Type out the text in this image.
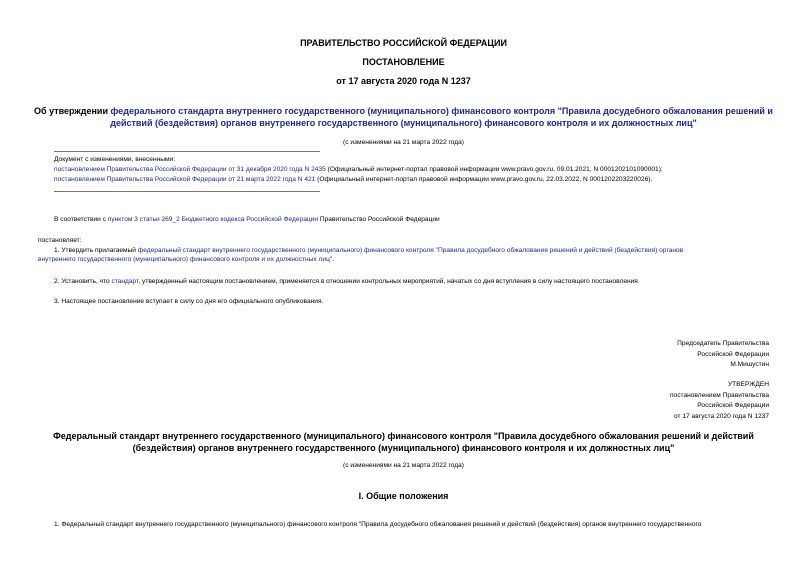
ПРАВИТЕЛЬСТВО РОССИЙСКОЙ ФЕДЕРАЦИИ
ПОСТАНОВЛЕНИЕ
от 17 августа 2020 года N 1237
Об утверждении федерального стандарта внутреннего государственного (муниципального) финансового контроля "Правила досудебного обжалования решений и
действий (бездействия) органов внутреннего государственного (муниципального) финансового контроля и их должностных лиц"
(с изменениями на 21 марта 2022 года)
Документ с изменениями, внесенными:
постановлением Правительства Российской Федерации от 31 декабря 2020 года N 2435 (Официальный интернет-портал правовой информации www.pravo.gov.ru, 09.01.2021, N 0001202101090001);
постановлением Правительства Российской Федерации от 21 марта 2022 года N 421 (Официальный интернет-портал правовой информации www.pravo.gov.ru, 22.03.2022, N 0001202203220026).
В соответствии с пунктом 3 статьи 269_2 Бюджетного кодекса Российской Федерации Правительство Российской Федерации
постановляет:
1. Утвердить прилагаемый федеральный стандарт внутреннего государственного (муниципального) финансового контроля "Правила досудебного обжалования решений и действий (бездействия) органов
внутреннего государственного (муниципального) финансового контроля и их должностных лиц".
2. Установить, что стандарт, утвержденный настоящим постановлением, применяется в отношении контрольных мероприятий, начатых со дня вступления в силу настоящего постановления.
3. Настоящее постановление вступает в силу со дня его официального опубликования.
Председатель Правительства
Российской Федерации
М.Мишустин
УТВЕРЖДЕН
постановлением Правительства
Российской Федерации
от 17 августа 2020 года N 1237
Федеральный стандарт внутреннего государственного (муниципального) финансового контроля "Правила досудебного обжалования решений и действий
(бездействия) органов внутреннего государственного (муниципального) финансового контроля и их должностных лиц"
(с изменениями на 21 марта 2022 года)
I. Общие положения
1. Федеральный стандарт внутреннего государственного (муниципального) финансового контроля "Правила досудебного обжалования решений и действий (бездействия) органов внутреннего государственного
